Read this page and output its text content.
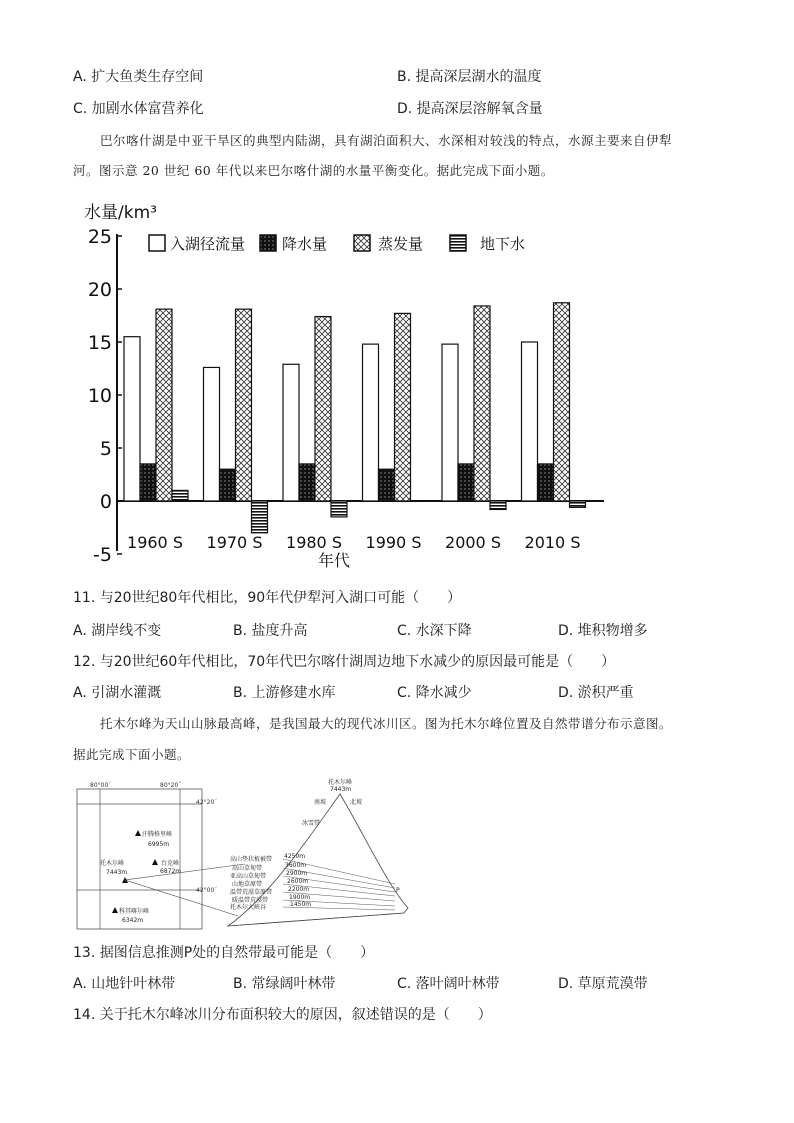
A. 扩大鱼类生存空间	B. 提高深层湖水的温度
C. 加剧水体富营养化	D. 提高深层溶解氧含量
巴尔喀什湖是中亚干旱区的典型内陆湖，具有湖泊面积大、水深相对较浅的特点，水源主要来自伊犁
河。图示意 20 世纪 60 年代以来巴尔喀什湖的水量平衡变化。据此完成下面小题。
水量/km³
25
20
15
10
5
0
-5
1960 S 1970 S 1980 S 1990 S 2000 S 2010 S
入湖径流量 降水量	蒸发量	地下水
年代
11. 与20世纪80年代相比，90年代伊犁河入湖口可能（　　）
A. 湖岸线不变	B. 盐度升高	C. 水深下降	D. 堆积物增多
12. 与20世纪60年代相比，70年代巴尔喀什湖周边地下水减少的原因最可能是（　　）
A. 引湖水灌溉	B. 上游修建水库	C. 降水减少	D. 淤积严重
托木尔峰为天山山脉最高峰，是我国最大的现代冰川区。图为托木尔峰位置及自然带谱分布示意图。
据此完成下面小题。
80°00´	80°20´
42°20´
42°00´
汗腾格里峰
6995m
台克峰
6872m
托木尔峰
7443m
科其喀尔峰
6342m
托木尔峰
7443m
南坡	北坡
冰雪带
P
高山垫状植被带 4250m
高山草甸带	3600m
亚高山草甸带	2900m
山地草原带	2600m
温带荒漠草原带	2200m
暖温带荒漠带	1900m
托木尔大峡谷	1450m
13. 据图信息推测P处的自然带最可能是（　　）
A. 山地针叶林带	B. 常绿阔叶林带	C. 落叶阔叶林带	D. 草原荒漠带
14. 关于托木尔峰冰川分布面积较大的原因，叙述错误的是（　　）
